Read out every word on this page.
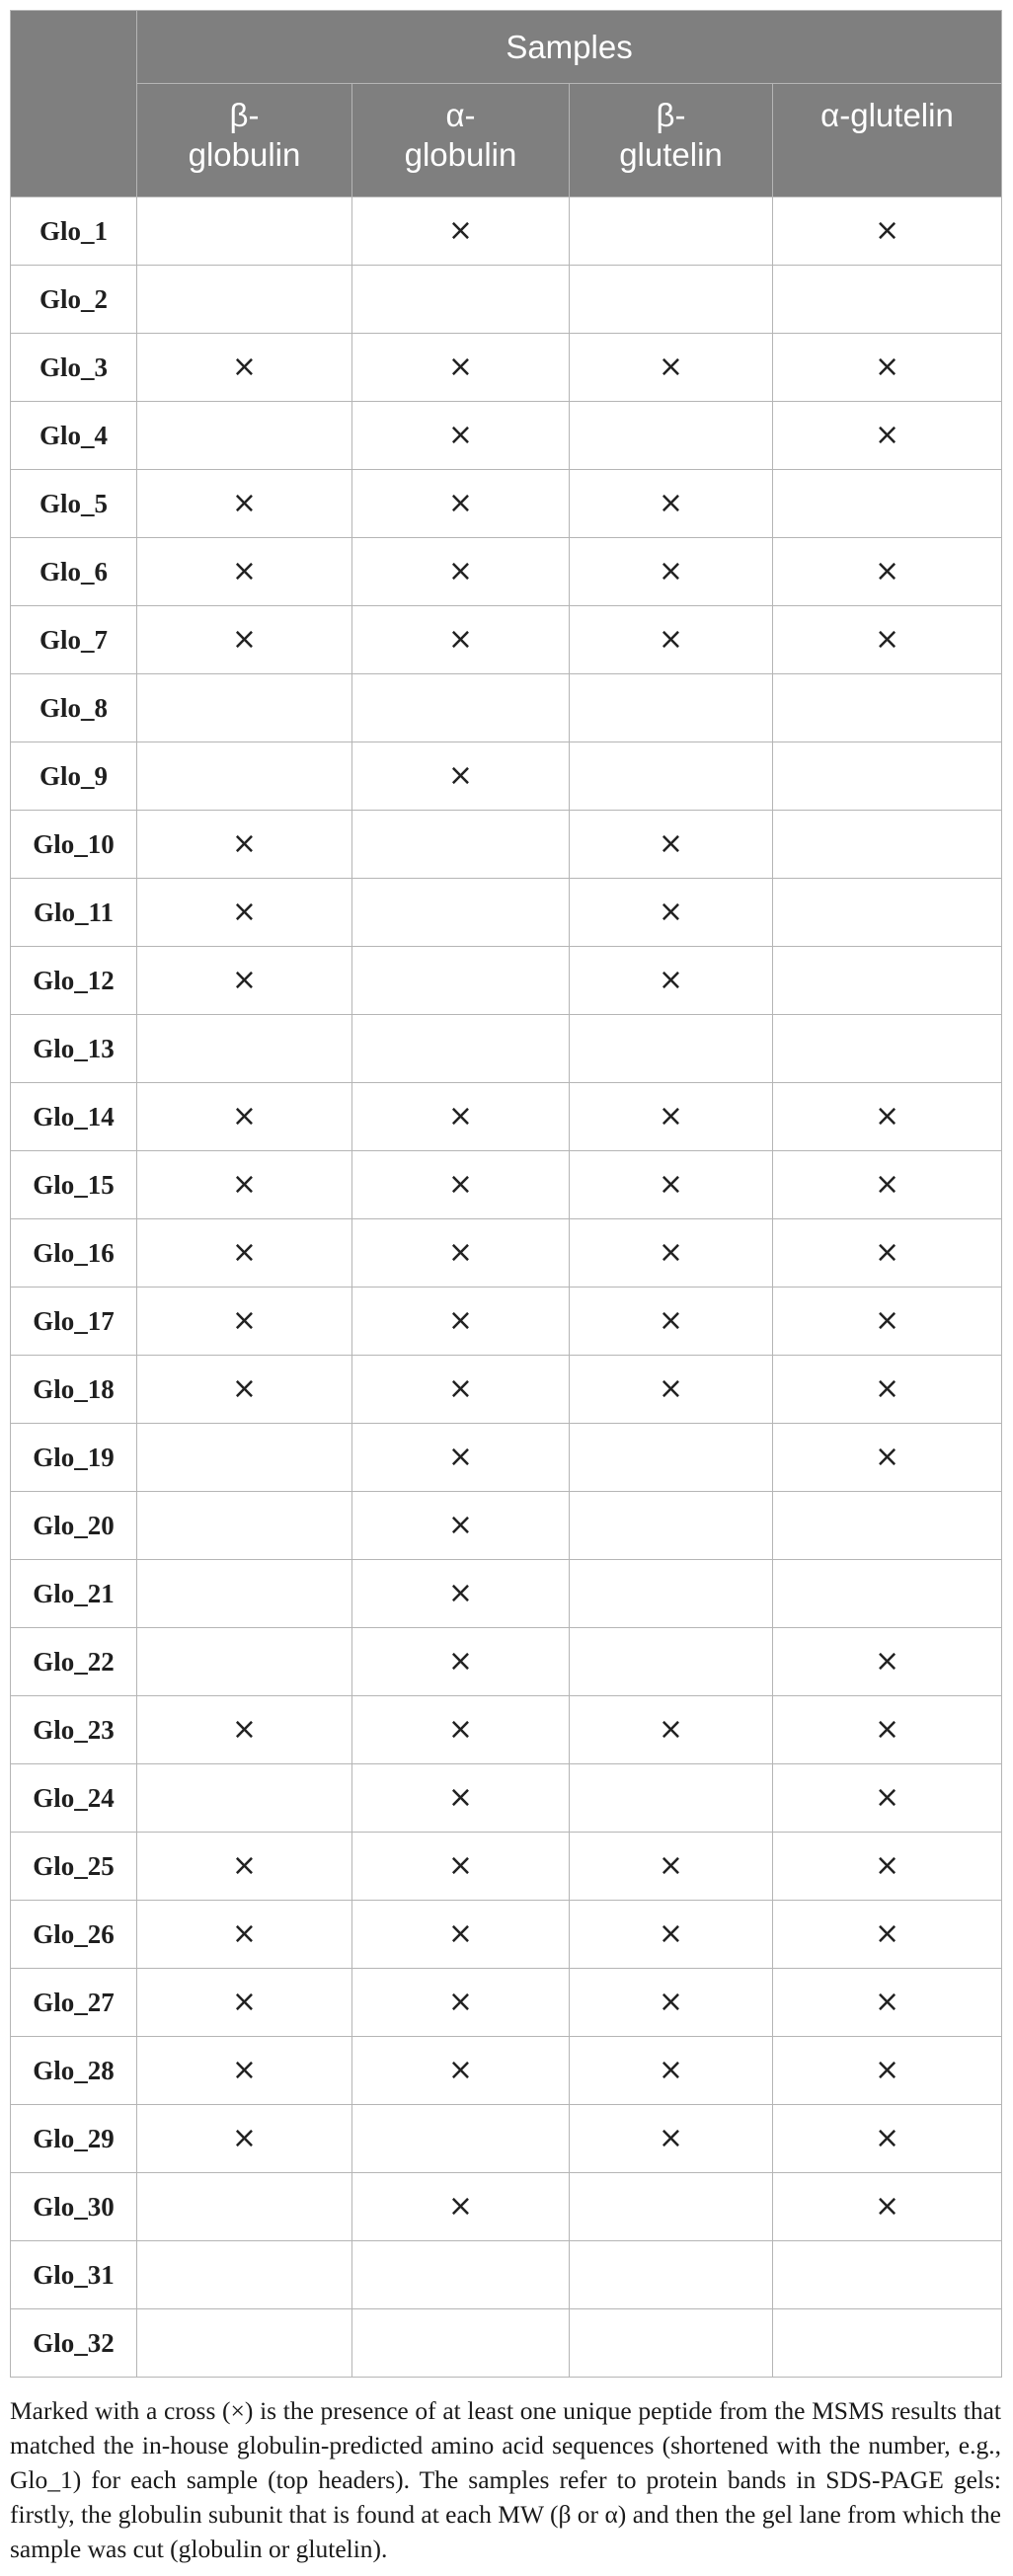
	Samples			

	β-
globulin	α-
globulin	β-
glutelin	α-glutelin

Glo_1		×		×
Glo_2				
Glo_3	×	×	×	×
Glo_4		×		×
Glo_5	×	×	×	
Glo_6	×	×	×	×
Glo_7	×	×	×	×
Glo_8				
Glo_9		×		
Glo_10	×		×	
Glo_11	×		×	
Glo_12	×		×	
Glo_13				
Glo_14	×	×	×	×
Glo_15	×	×	×	×
Glo_16	×	×	×	×
Glo_17	×	×	×	×
Glo_18	×	×	×	×
Glo_19		×		×
Glo_20		×		
Glo_21		×		
Glo_22		×		×
Glo_23	×	×	×	×
Glo_24		×		×
Glo_25	×	×	×	×
Glo_26	×	×	×	×
Glo_27	×	×	×	×
Glo_28	×	×	×	×
Glo_29	×		×	×
Glo_30		×		×
Glo_31				
Glo_32				

Marked with a cross (×) is the presence of at least one unique peptide from the MSMS results that matched the in-house globulin-predicted amino acid sequences (shortened with the number, e.g., Glo_1) for each sample (top headers). The samples refer to protein bands in SDS-PAGE gels: firstly, the globulin subunit that is found at each MW (β or α) and then the gel lane from which the sample was cut (globulin or glutelin).
